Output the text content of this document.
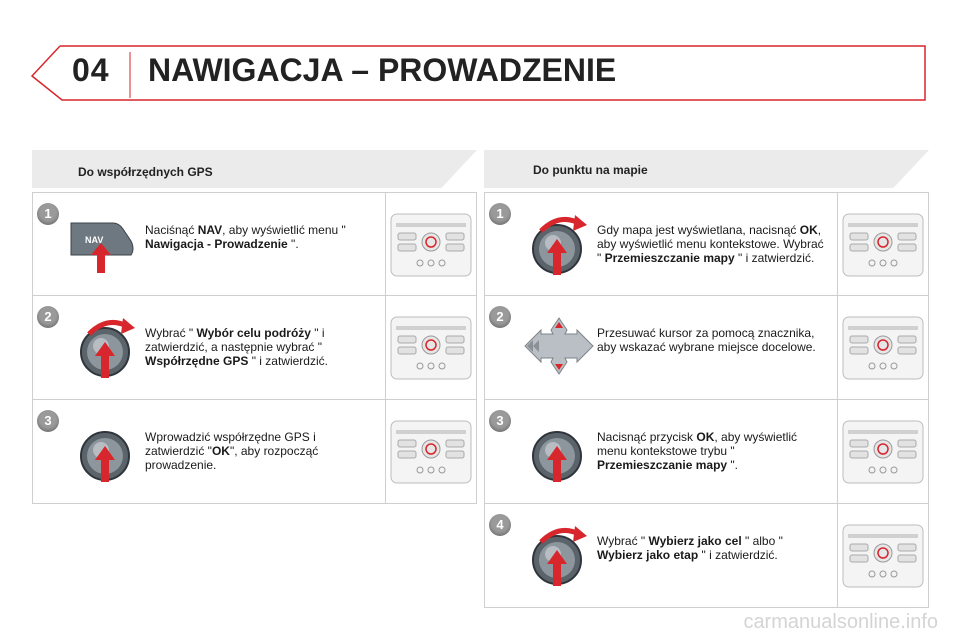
04 NAWIGACJA – PROWADZENIE
Do współrzędnych GPS	Do punktu na mapie
1
NAV
Naciśnąć NAV, aby wyświetlić menu " Nawigacja - Prowadzenie ".
2
Wybrać " Wybór celu podróży " i zatwierdzić, a następnie wybrać " Współrzędne GPS " i zatwierdzić.
3
Wprowadzić współrzędne GPS i zatwierdzić "OK", aby rozpocząć prowadzenie.
1
Gdy mapa jest wyświetlana, nacisnąć OK, aby wyświetlić menu kontekstowe. Wybrać " Przemieszczanie mapy " i zatwierdzić.
2
Przesuwać kursor za pomocą znacznika, aby wskazać wybrane miejsce docelowe.
3
Nacisnąć przycisk OK, aby wyświetlić menu kontekstowe trybu " Przemieszczanie mapy ".
4
Wybrać " Wybierz jako cel " albo " Wybierz jako etap " i zatwierdzić.
carmanualsonline.info
